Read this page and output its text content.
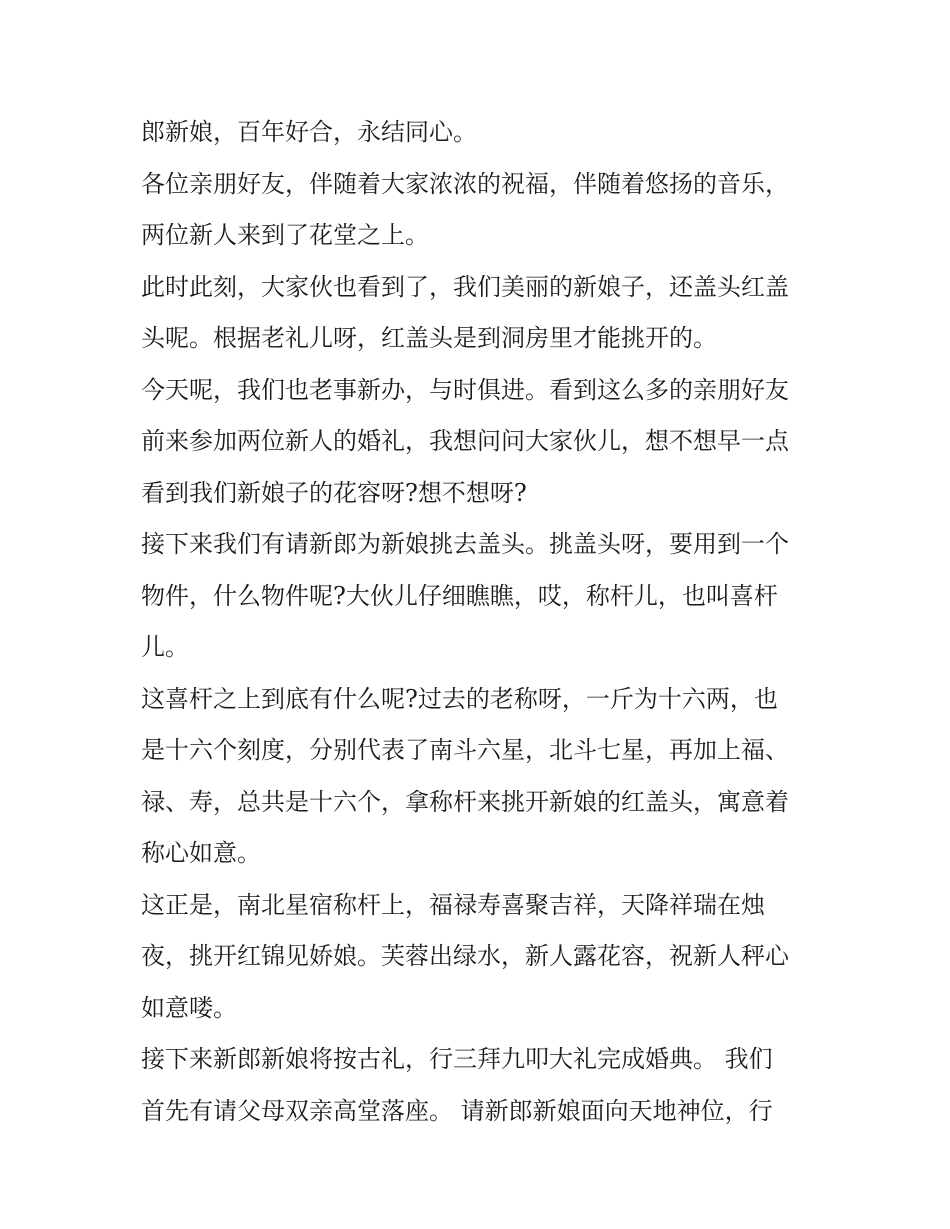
郎新娘，百年好合，永结同心。
各位亲朋好友，伴随着大家浓浓的祝福，伴随着悠扬的音乐，
两位新人来到了花堂之上。
此时此刻，大家伙也看到了，我们美丽的新娘子，还盖头红盖
头呢。根据老礼儿呀，红盖头是到洞房里才能挑开的。
今天呢，我们也老事新办，与时俱进。看到这么多的亲朋好友
前来参加两位新人的婚礼，我想问问大家伙儿，想不想早一点
看到我们新娘子的花容呀?想不想呀?
接下来我们有请新郎为新娘挑去盖头。挑盖头呀，要用到一个
物件，什么物件呢?大伙儿仔细瞧瞧，哎，称杆儿，也叫喜杆
儿。
这喜杆之上到底有什么呢?过去的老称呀，一斤为十六两，也
是十六个刻度，分别代表了南斗六星，北斗七星，再加上福、
禄、寿，总共是十六个，拿称杆来挑开新娘的红盖头，寓意着
称心如意。
这正是，南北星宿称杆上，福禄寿喜聚吉祥，天降祥瑞在烛
夜，挑开红锦见娇娘。芙蓉出绿水，新人露花容，祝新人秤心
如意喽。
接下来新郎新娘将按古礼，行三拜九叩大礼完成婚典。 我们
首先有请父母双亲高堂落座。 请新郎新娘面向天地神位，行
